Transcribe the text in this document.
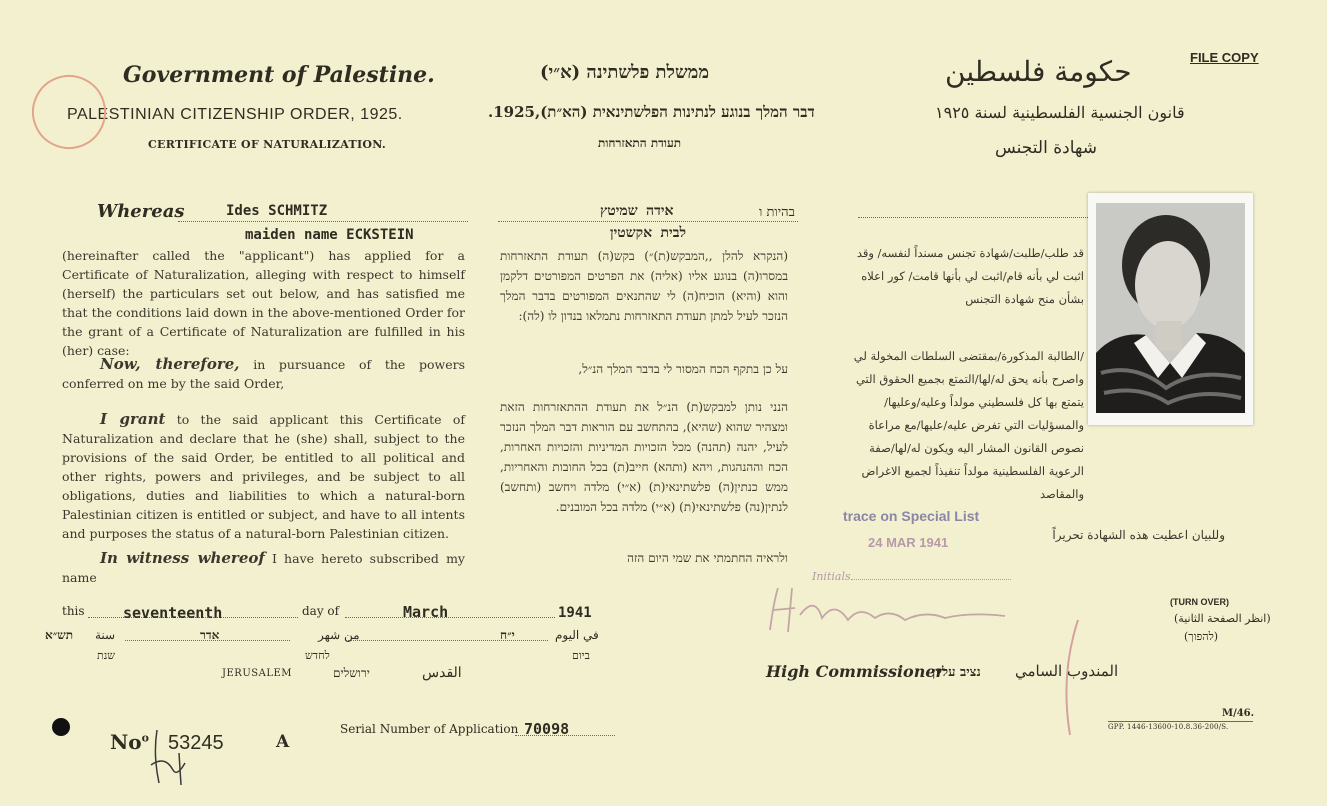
FILE COPY
Government of Palestine.	ממשלת פלשתינה (א״י)	حكومة فلسطين
PALESTINIAN CITIZENSHIP ORDER, 1925.	דבר המלך בנוגע לנתינות הפלשתינאית (הא״ת),1925.	قانون الجنسية الفلسطينية لسنة ١٩٢٥
CERTIFICATE OF NATURALIZATION.	תעודת התאזרחות	شهادة التجنس
Whereas	Ides SCHMITZ
maiden name ECKSTEIN
אידה שמיטץ	בהיות ו
לבית אקשטין
(hereinafter called the "applicant") has applied for a Certificate of Naturalization, alleging with respect to himself (herself) the particulars set out below, and has satisfied me that the conditions laid down in the above-mentioned Order for the grant of a Certificate of Naturalization are fulfilled in his (her) case:
Now, therefore, in pursuance of the powers conferred on me by the said Order,
I grant to the said applicant this Certificate of Naturalization and declare that he (she) shall, subject to the provisions of the said Order, be entitled to all political and other rights, powers and privileges, and be subject to all obligations, duties and liabilities to which a natural-born Palestinian citizen is entitled or subject, and have to all intents and purposes the status of a natural-born Palestinian citizen.
In witness whereof I have hereto subscribed my name
(הנקרא להלן ,,המבקש(ת)״) בקש(ה) תעודת התאזרחות במסרו(ה) בנוגע אליו (אליה) את הפרטים המפורטים דלקמן והוא (והיא) הוכיח(ה) לי שהתנאים המפורטים בדבר המלך הנזכר לעיל למתן תעודת התאזרחות נתמלאו בנדון לו (לה):
על כן בתקף הכח המסור לי בדבר המלך הנ״ל,
הנני נותן למבקש(ת) הנ״ל את תעודת ההתאזרחות הזאת ומצהיר שהוא (שהיא), בהתחשב עם הוראות דבר המלך הנזכר לעיל, יהנה (תהנה) מכל הזכויות המדיניות והזכויות האחרות, הכח וההנהגות, ויהא (ותהא) חייב(ת) בכל החובות והאחריות, ממש כנתין(ה) פלשתינאי(ת) (א״י) מלדה ויחשב (ותחשב) לנתין(נה) פלשתינאי(ת) (א״י) מלדה בכל המובנים.
ולראיה החתמתי את שמי היום הזה
قد طلب/طلبت/شهادة تجنس مسنداً لنفسه/ وقد اثبت لي بأنه قام/اثبت لي بأنها قامت/ كور اعلاه بشأن منح شهادة التجنس
/الطالبة المذكورة/بمقتضى السلطات المخولة لي واصرح بأنه يحق له/لها/التمتع بجميع الحقوق التي يتمتع بها كل فلسطيني مولداً وعليه/وعليها/ والمسؤليات التي تفرض عليه/عليها/مع مراعاة نصوص القانون المشار اليه ويكون له/لها/صفة الرعوية الفلسطينية مولداً تنفيذاً لجميع الاغراض والمقاصد
وللبيان اعطيت هذه الشهادة تحريراً
trace on Special List
24 MAR 1941
Initials
this	seventeenth	day of	March	1941
תש״א سنة	אדר	من شهر	י״ח	في اليوم
שנת	לחדש	ביום
JERUSALEM	ירושלים	القدس	High Commissioner
נציב עליון المندوب السامي
(TURN OVER)
(انظر الصفحة الثانية)
(להפוך)
No$^o$ 53245	A
Serial Number of Application 70098
M/46.
GPP. 1446-13600-10.8.36-200/S.
